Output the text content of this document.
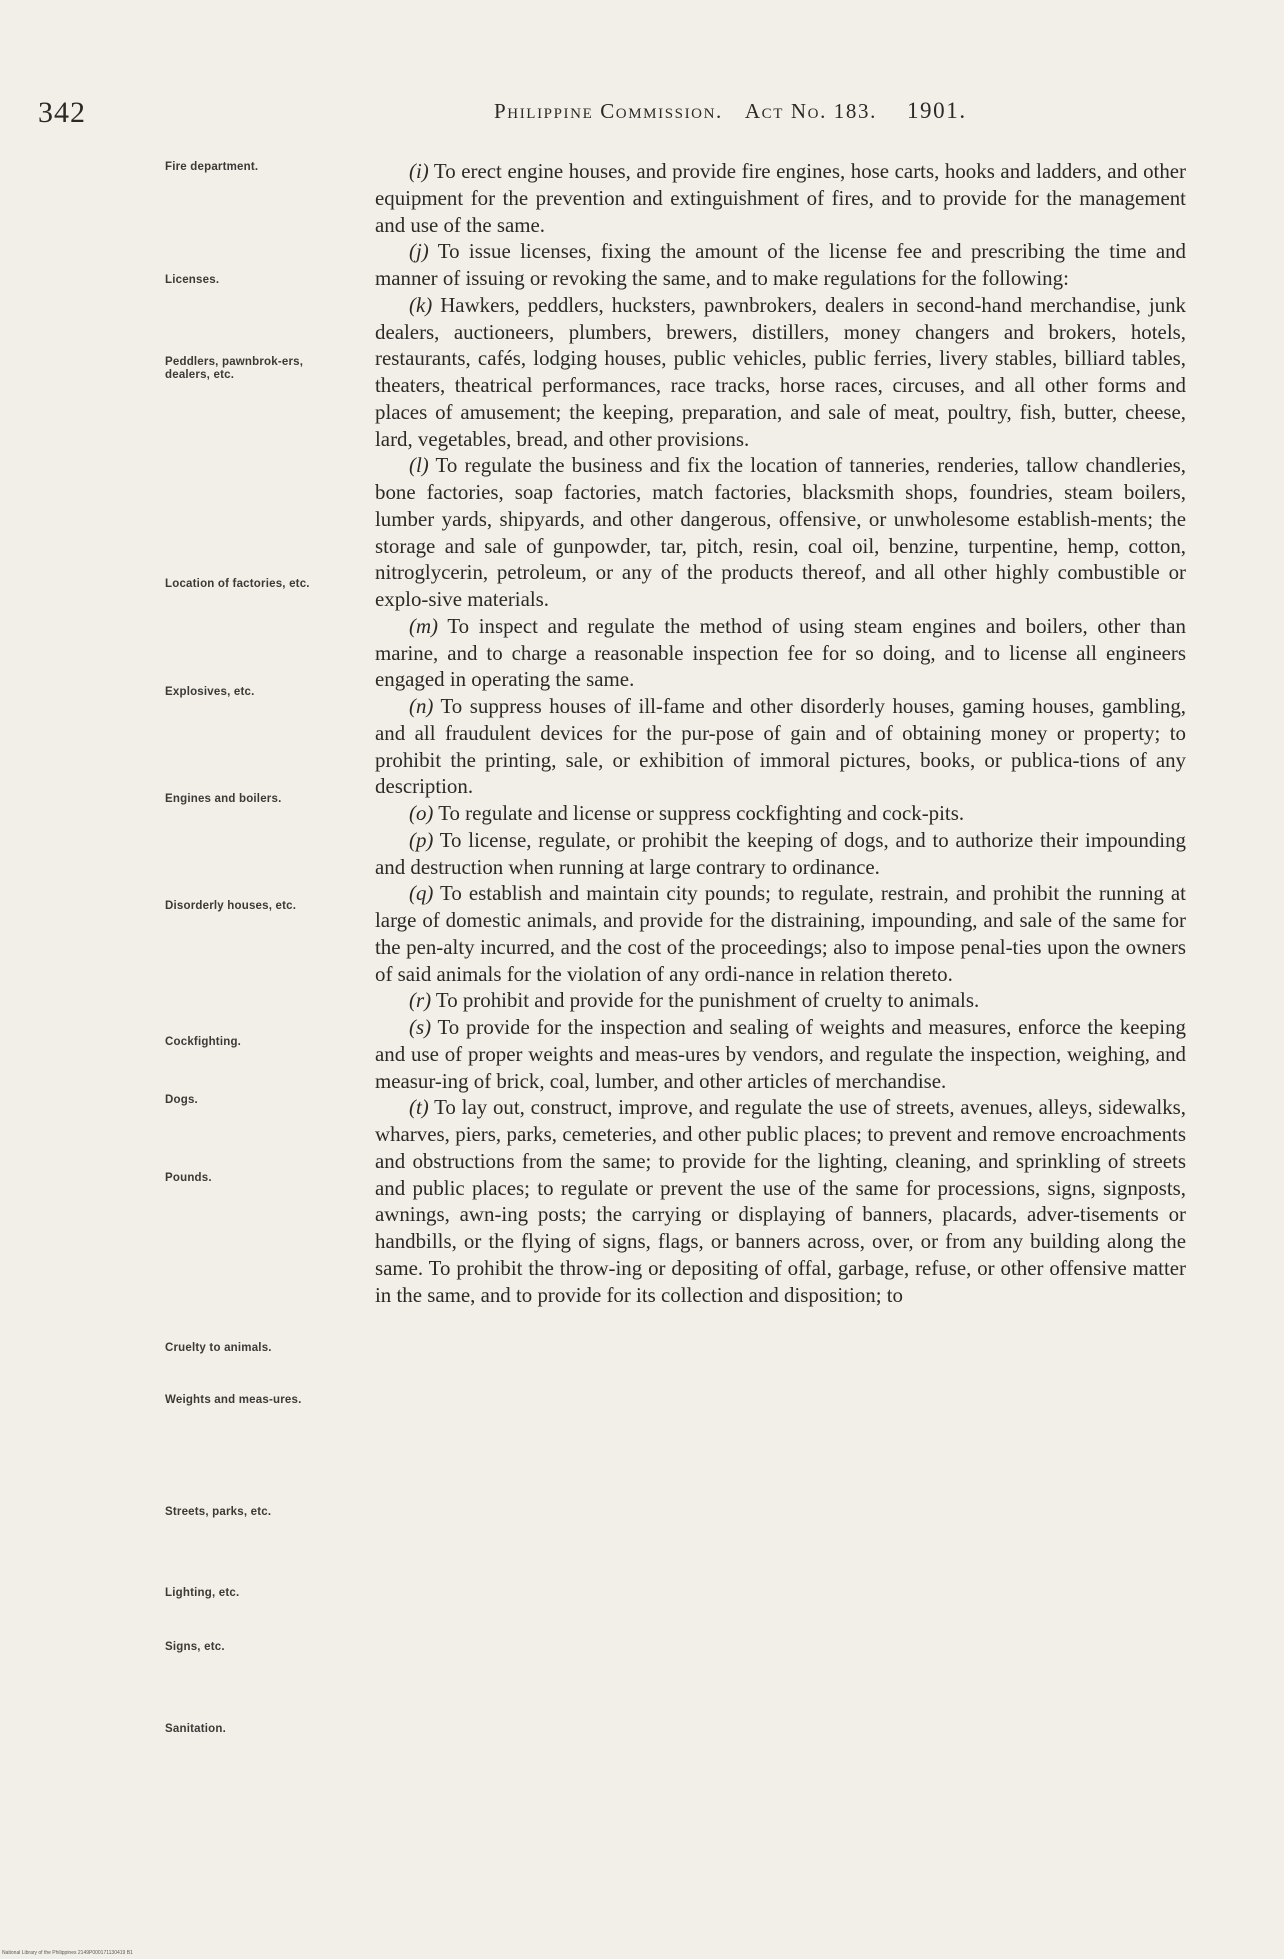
342	Philippine Commission. Act No. 183. 1901.
Fire department.
Licenses.
Peddlers, pawnbrok-ers, dealers, etc.
Location of factories, etc.
Explosives, etc.
Engines and boilers.
Disorderly houses, etc.
Cockfighting.
Dogs.
Pounds.
Cruelty to animals.
Weights and meas-ures.
Streets, parks, etc.
Lighting, etc.
Signs, etc.
Sanitation.

(i) To erect engine houses, and provide fire engines, hose carts, hooks and ladders, and other equipment for the prevention and extinguishment of fires, and to provide for the management and use of the same.

(j) To issue licenses, fixing the amount of the license fee and prescribing the time and manner of issuing or revoking the same, and to make regulations for the following:

(k) Hawkers, peddlers, hucksters, pawnbrokers, dealers in second-hand merchandise, junk dealers, auctioneers, plumbers, brewers, distillers, money changers and brokers, hotels, restaurants, cafés, lodging houses, public vehicles, public ferries, livery stables, billiard tables, theaters, theatrical performances, race tracks, horse races, circuses, and all other forms and places of amusement; the keeping, preparation, and sale of meat, poultry, fish, butter, cheese, lard, vegetables, bread, and other provisions.

(l) To regulate the business and fix the location of tanneries, renderies, tallow chandleries, bone factories, soap factories, match factories, blacksmith shops, foundries, steam boilers, lumber yards, shipyards, and other dangerous, offensive, or unwholesome establish-ments; the storage and sale of gunpowder, tar, pitch, resin, coal oil, benzine, turpentine, hemp, cotton, nitroglycerin, petroleum, or any of the products thereof, and all other highly combustible or explo-sive materials.

(m) To inspect and regulate the method of using steam engines and boilers, other than marine, and to charge a reasonable inspection fee for so doing, and to license all engineers engaged in operating the same.

(n) To suppress houses of ill-fame and other disorderly houses, gaming houses, gambling, and all fraudulent devices for the pur-pose of gain and of obtaining money or property; to prohibit the printing, sale, or exhibition of immoral pictures, books, or publica-tions of any description.

(o) To regulate and license or suppress cockfighting and cock-pits.

(p) To license, regulate, or prohibit the keeping of dogs, and to authorize their impounding and destruction when running at large contrary to ordinance.

(q) To establish and maintain city pounds; to regulate, restrain, and prohibit the running at large of domestic animals, and provide for the distraining, impounding, and sale of the same for the pen-alty incurred, and the cost of the proceedings; also to impose penal-ties upon the owners of said animals for the violation of any ordi-nance in relation thereto.

(r) To prohibit and provide for the punishment of cruelty to animals.

(s) To provide for the inspection and sealing of weights and measures, enforce the keeping and use of proper weights and meas-ures by vendors, and regulate the inspection, weighing, and measur-ing of brick, coal, lumber, and other articles of merchandise.

(t) To lay out, construct, improve, and regulate the use of streets, avenues, alleys, sidewalks, wharves, piers, parks, cemeteries, and other public places; to prevent and remove encroachments and obstructions from the same; to provide for the lighting, cleaning, and sprinkling of streets and public places; to regulate or prevent the use of the same for processions, signs, signposts, awnings, awn-ing posts; the carrying or displaying of banners, placards, adver-tisements or handbills, or the flying of signs, flags, or banners across, over, or from any building along the same. To prohibit the throw-ing or depositing of offal, garbage, refuse, or other offensive matter in the same, and to provide for its collection and disposition; to

National Library of the Philippines 2149P000171130419 B1
